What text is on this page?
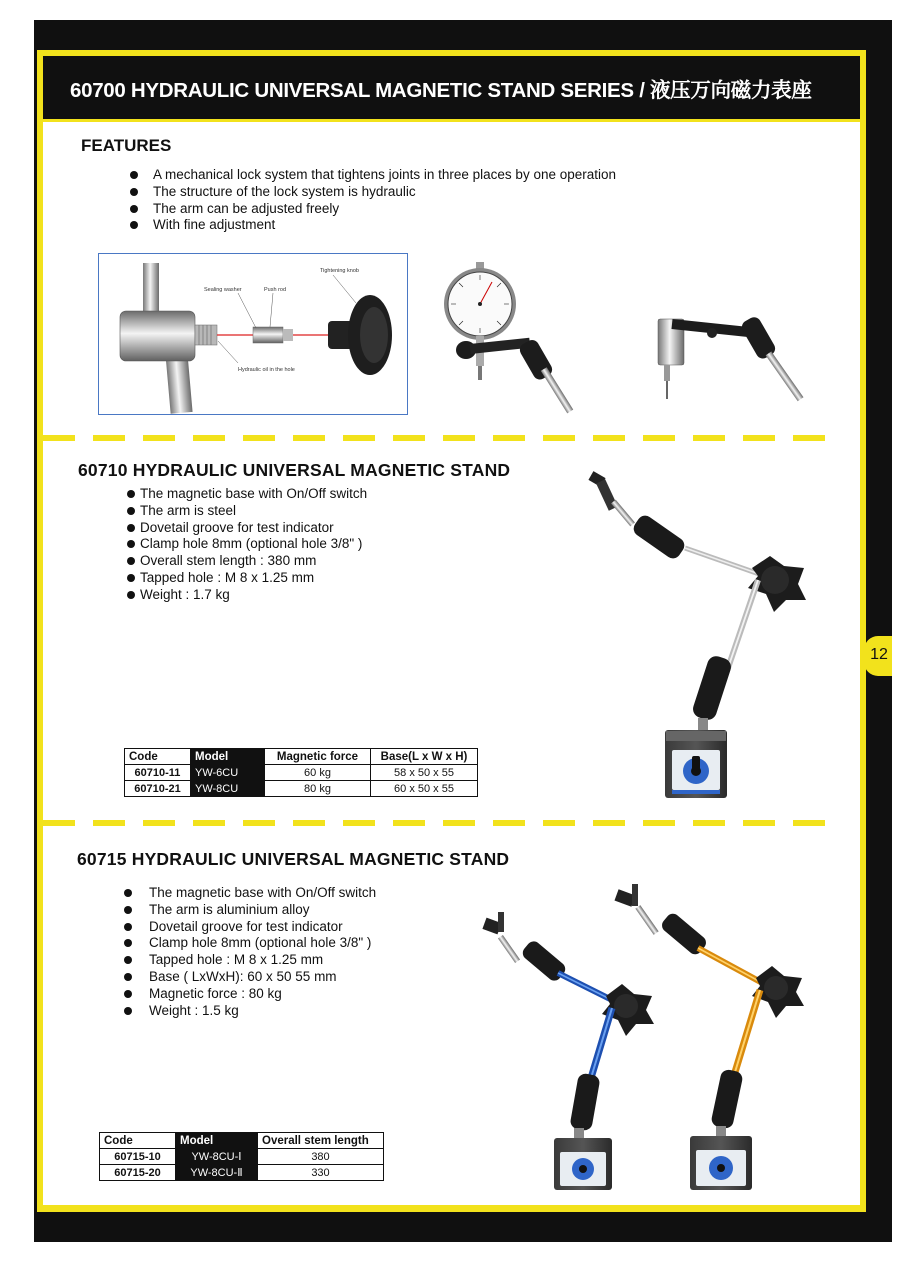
60700 HYDRAULIC UNIVERSAL MAGNETIC STAND SERIES / 液压万向磁力表座
12
FEATURES
A mechanical lock system that tightens joints in three places by one operation
The structure of the lock system is hydraulic
The arm can be adjusted freely
With fine adjustment
Sealing washer	Push rod
Tightening knob
Hydraulic oil in the hole
60710 HYDRAULIC UNIVERSAL MAGNETIC STAND
The magnetic base with On/Off switch
The arm is steel
Dovetail groove for test indicator
Clamp hole 8mm (optional hole 3/8" )
Overall stem length : 380 mm
Tapped hole : M 8 x 1.25 mm
Weight : 1.7 kg
Code	Model	Magnetic force	Base(L x W x H)
60710-11	YW-6CU	60 kg	58 x 50 x 55
60710-21	YW-8CU	80 kg	60 x 50 x 55
60715 HYDRAULIC UNIVERSAL MAGNETIC STAND
The magnetic base with On/Off switch
The arm is aluminium alloy
Dovetail groove for test indicator
Clamp hole 8mm (optional hole 3/8" )
Tapped hole : M 8 x 1.25 mm
Base ( LxWxH): 60 x 50 55 mm
Magnetic force : 80 kg
Weight : 1.5 kg
Code	Model	Overall stem length
60715-10	YW-8CU-Ⅰ	380
60715-20	YW-8CU-Ⅱ	330
